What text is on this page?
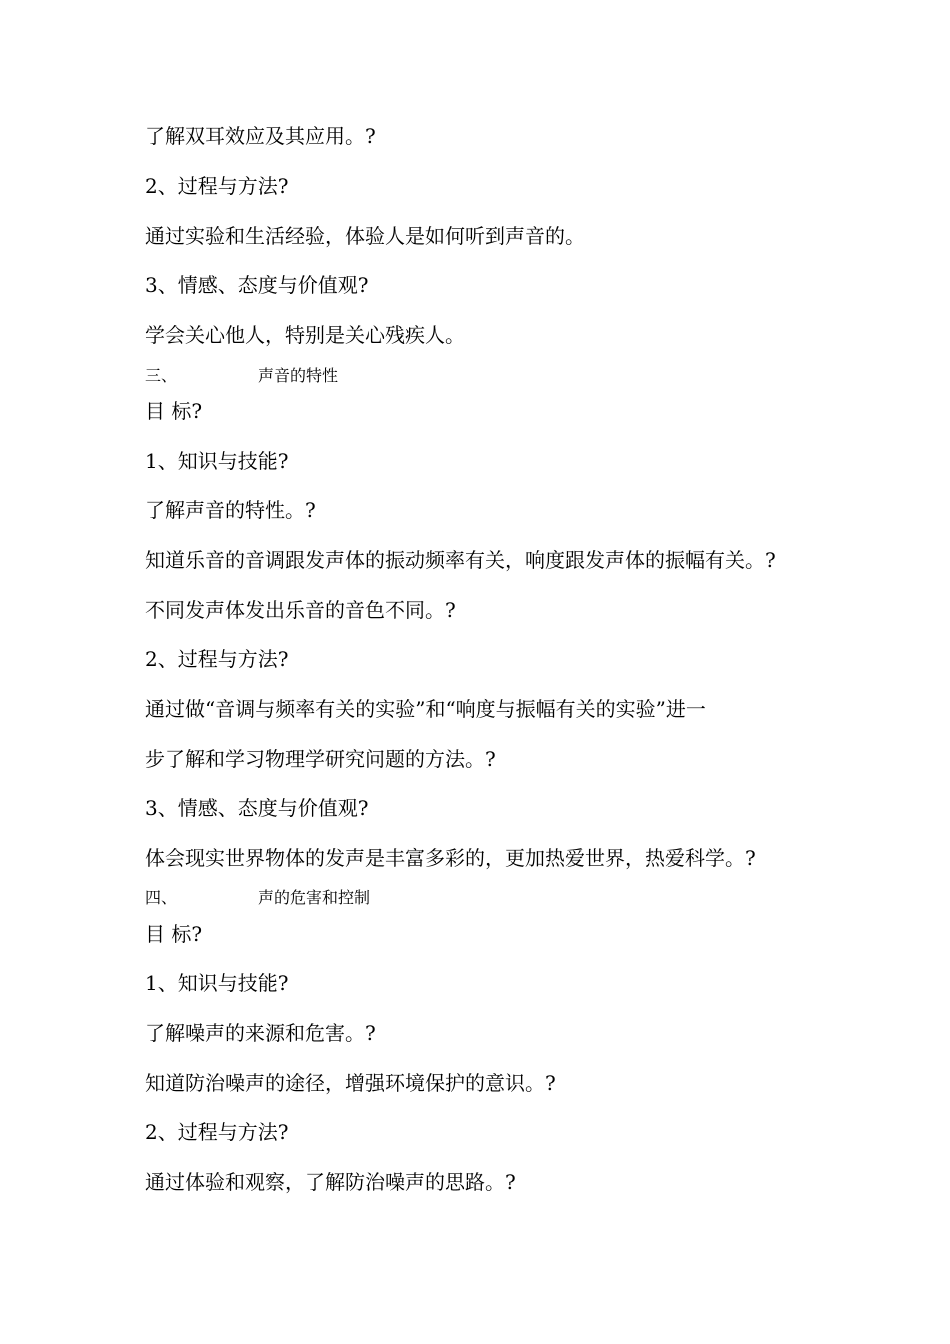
了解双耳效应及其应用。?
2、过程与方法?
通过实验和生活经验，体验人是如何听到声音的。
3、情感、态度与价值观?
学会关心他人，特别是关心残疾人。
三、	声音的特性
目 标?
1、知识与技能?
了解声音的特性。?
知道乐音的音调跟发声体的振动频率有关，响度跟发声体的振幅有关。?
不同发声体发出乐音的音色不同。?
2、过程与方法?
通过做“音调与频率有关的实验”和“响度与振幅有关的实验”进一
步了解和学习物理学研究问题的方法。?
3、情感、态度与价值观?
体会现实世界物体的发声是丰富多彩的，更加热爱世界，热爱科学。?
四、	声的危害和控制
目 标?
1、知识与技能?
了解噪声的来源和危害。?
知道防治噪声的途径，增强环境保护的意识。?
2、过程与方法?
通过体验和观察，了解防治噪声的思路。?
